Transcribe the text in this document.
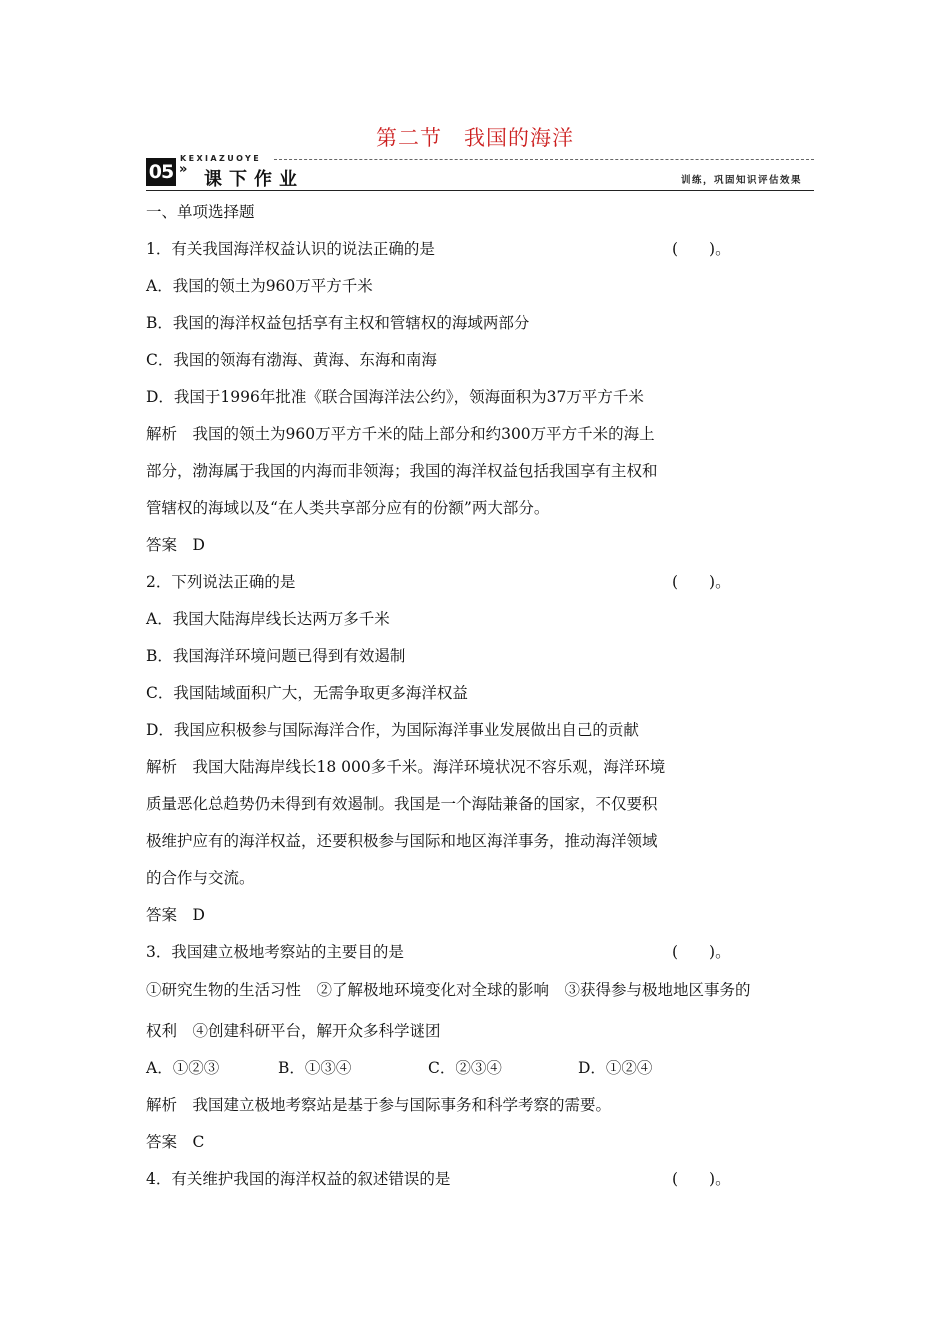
第二节　我国的海洋
KEXIAZUOYE
05 » 课下作业	训练，巩固知识评估效果
一、单项选择题
1．有关我国海洋权益认识的说法正确的是	(　　)。
A．我国的领土为960万平方千米
B．我国的海洋权益包括享有主权和管辖权的海域两部分
C．我国的领海有渤海、黄海、东海和南海
D．我国于1996年批准《联合国海洋法公约》，领海面积为37万平方千米
解析　我国的领土为960万平方千米的陆上部分和约300万平方千米的海上
部分，渤海属于我国的内海而非领海；我国的海洋权益包括我国享有主权和
管辖权的海域以及“在人类共享部分应有的份额”两大部分。
答案　D
2．下列说法正确的是	(　　)。
A．我国大陆海岸线长达两万多千米
B．我国海洋环境问题已得到有效遏制
C．我国陆域面积广大，无需争取更多海洋权益
D．我国应积极参与国际海洋合作，为国际海洋事业发展做出自己的贡献
解析　我国大陆海岸线长18 000多千米。海洋环境状况不容乐观，海洋环境
质量恶化总趋势仍未得到有效遏制。我国是一个海陆兼备的国家，不仅要积
极维护应有的海洋权益，还要积极参与国际和地区海洋事务，推动海洋领域
的合作与交流。
答案　D
3．我国建立极地考察站的主要目的是	(　　)。
①研究生物的生活习性　②了解极地环境变化对全球的影响　③获得参与极地地区事务的
权利　④创建科研平台，解开众多科学谜团
A．①②③	B．①③④	C．②③④	D．①②④
解析　我国建立极地考察站是基于参与国际事务和科学考察的需要。
答案　C
4．有关维护我国的海洋权益的叙述错误的是	(　　)。
